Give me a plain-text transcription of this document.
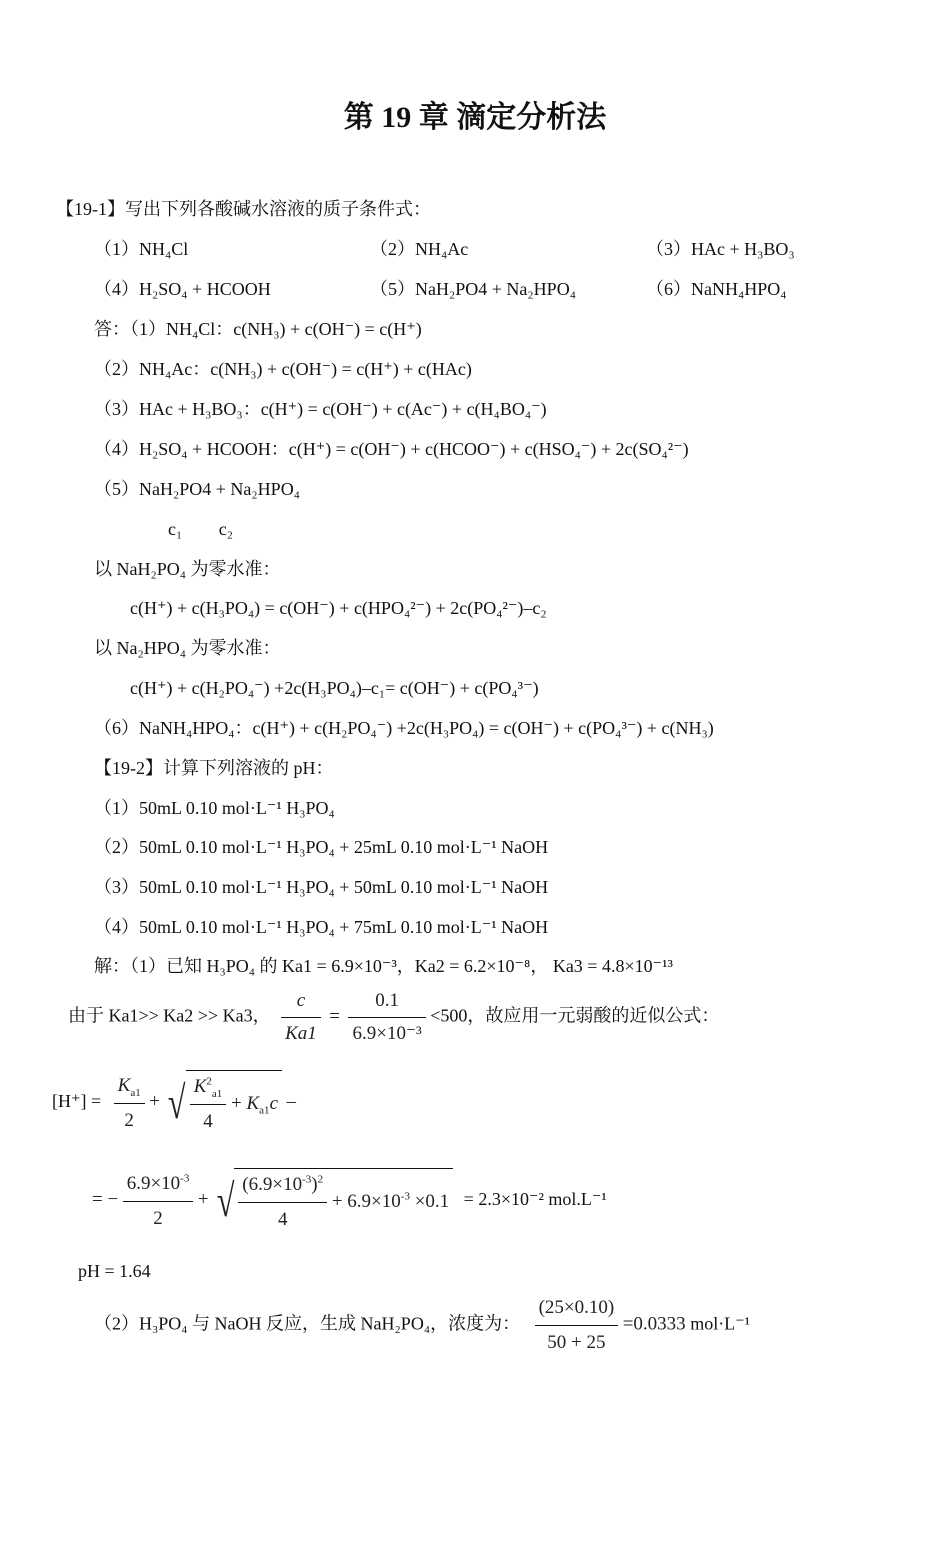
第 19 章 滴定分析法
【19-1】写出下列各酸碱水溶液的质子条件式：
（1）NH₄Cl	（2）NH₄Ac	（3）HAc + H₃BO₃
（4）H₂SO₄ + HCOOH	（5）NaH₂PO4 + Na₂HPO₄	（6）NaNH₄HPO₄
答：（1）NH₄Cl：c(NH₃) + c(OH⁻) = c(H⁺)
（2）NH₄Ac：c(NH₃) + c(OH⁻) = c(H⁺) + c(HAc)
（3）HAc + H₃BO₃：c(H⁺) = c(OH⁻) + c(Ac⁻) + c(H₄BO₄⁻)
（4）H₂SO₄ + HCOOH：c(H⁺) = c(OH⁻) + c(HCOO⁻) + c(HSO₄⁻) + 2c(SO₄²⁻)
（5）NaH₂PO4 + Na₂HPO₄
c₁ c₂
以 NaH₂PO₄ 为零水准：
c(H⁺) + c(H₃PO₄) = c(OH⁻) + c(HPO₄²⁻) + 2c(PO₄²⁻)–c₂
以 Na₂HPO₄ 为零水准：
c(H⁺) + c(H₂PO₄⁻) +2c(H₃PO₄)–c₁= c(OH⁻) + c(PO₄³⁻)
（6）NaNH₄HPO₄：c(H⁺) + c(H₂PO₄⁻) +2c(H₃PO₄) = c(OH⁻) + c(PO₄³⁻) + c(NH₃)
【19-2】计算下列溶液的 pH：
（1）50mL 0.10 mol·L⁻¹ H₃PO₄
（2）50mL 0.10 mol·L⁻¹ H₃PO₄ + 25mL 0.10 mol·L⁻¹ NaOH
（3）50mL 0.10 mol·L⁻¹ H₃PO₄ + 50mL 0.10 mol·L⁻¹ NaOH
（4）50mL 0.10 mol·L⁻¹ H₃PO₄ + 75mL 0.10 mol·L⁻¹ NaOH
解：（1）已知 H₃PO₄ 的 Ka1 = 6.9×10⁻³，Ka2 = 6.2×10⁻⁸， Ka3 = 4.8×10⁻¹³
由于 Ka1>> Ka2 >> Ka3， $\frac{c}{Ka1} = \frac{0.1}{\text{6.9×10⁻³}} <500$，故应用一元弱酸的近似公式：
$[H^+] = \frac{K_{a1}}{2}$ + √ $\frac{K^2_{a1}}{4} + K_{a1}c$ –
= − $\frac{6.9\times 10^{-3}}{2}$ + √ $\frac{(6.9\times 10^{-3})^2}{4} + 6.9\times 10^{-3} \times 0.1 = 2.3\times 10^{-2}$ mol.L⁻¹
pH = 1.64
（2）H₃PO₄ 与 NaOH 反应，生成 NaH₂PO₄，浓度为： $\frac{(25\times 0.10)}{50 + 25} =0.0333$ mol·L⁻¹
